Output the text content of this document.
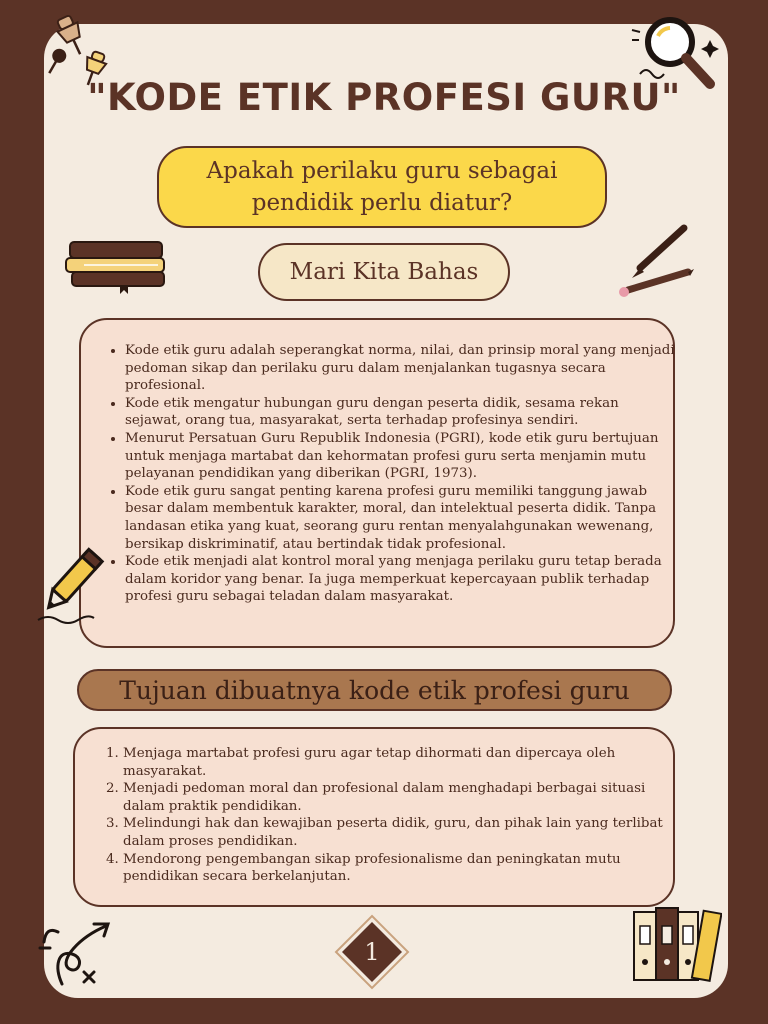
"KODE ETIK PROFESI GURU"
Apakah perilaku guru sebagai pendidik perlu diatur?
Mari Kita Bahas
• Kode etik guru adalah seperangkat norma, nilai, dan prinsip moral yang menjadi pedoman sikap dan perilaku guru dalam menjalankan tugasnya secara profesional.
• Kode etik mengatur hubungan guru dengan peserta didik, sesama rekan sejawat, orang tua, masyarakat, serta terhadap profesinya sendiri.
• Menurut Persatuan Guru Republik Indonesia (PGRI), kode etik guru bertujuan untuk menjaga martabat dan kehormatan profesi guru serta menjamin mutu pelayanan pendidikan yang diberikan (PGRI, 1973).
• Kode etik guru sangat penting karena profesi guru memiliki tanggung jawab besar dalam membentuk karakter, moral, dan intelektual peserta didik. Tanpa landasan etika yang kuat, seorang guru rentan menyalahgunakan wewenang, bersikap diskriminatif, atau bertindak tidak profesional.
• Kode etik menjadi alat kontrol moral yang menjaga perilaku guru tetap berada dalam koridor yang benar. Ia juga memperkuat kepercayaan publik terhadap profesi guru sebagai teladan dalam masyarakat.
Tujuan dibuatnya kode etik profesi guru
1. Menjaga martabat profesi guru agar tetap dihormati dan dipercaya oleh masyarakat.
2. Menjadi pedoman moral dan profesional dalam menghadapi berbagai situasi dalam praktik pendidikan.
3. Melindungi hak dan kewajiban peserta didik, guru, dan pihak lain yang terlibat dalam proses pendidikan.
4. Mendorong pengembangan sikap profesionalisme dan peningkatan mutu pendidikan secara berkelanjutan.
1
